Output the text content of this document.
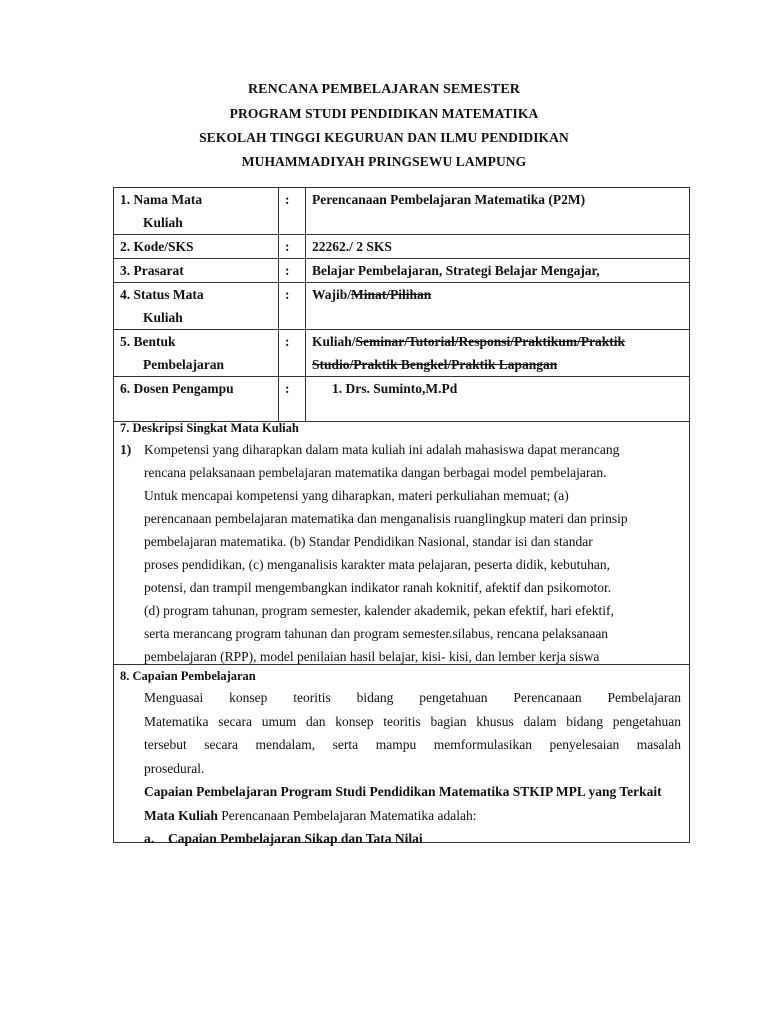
RENCANA PEMBELAJARAN SEMESTER
PROGRAM STUDI PENDIDIKAN MATEMATIKA
SEKOLAH TINGGI KEGURUAN DAN ILMU PENDIDIKAN
MUHAMMADIYAH PRINGSEWU LAMPUNG
1. Nama Mata
Kuliah	:	Perencanaan Pembelajaran Matematika (P2M)
2. Kode/SKS	:	22262./ 2 SKS
3. Prasarat	:	Belajar Pembelajaran, Strategi Belajar Mengajar,
4. Status Mata
Kuliah	:	Wajib/Minat/Pilihan
5. Bentuk
Pembelajaran	:	Kuliah/Seminar/Tutorial/Responsi/Praktikum/Praktik
Studio/Praktik Bengkel/Praktik Lapangan
6. Dosen Pengampu	:	1. Drs. Suminto,M.Pd
7. Deskripsi Singkat Mata Kuliah
1) Kompetensi yang diharapkan dalam mata kuliah ini adalah mahasiswa dapat merancang
rencana pelaksanaan pembelajaran matematika dangan berbagai model pembelajaran.
Untuk mencapai kompetensi yang diharapkan, materi perkuliahan memuat; (a)
perencanaan pembelajaran matematika dan menganalisis ruanglingkup materi dan prinsip
pembelajaran matematika. (b) Standar Pendidikan Nasional, standar isi dan standar
proses pendidikan, (c) menganalisis karakter mata pelajaran, peserta didik, kebutuhan,
potensi, dan trampil mengembangkan indikator ranah koknitif, afektif dan psikomotor.
(d) program tahunan, program semester, kalender akademik, pekan efektif, hari efektif,
serta merancang program tahunan dan program semester.silabus, rencana pelaksanaan
pembelajaran (RPP), model penilaian hasil belajar, kisi- kisi, dan lember kerja siswa
8. Capaian Pembelajaran
Menguasai konsep teoritis bidang pengetahuan Perencanaan Pembelajaran
Matematika secara umum dan konsep teoritis bagian khusus dalam bidang pengetahuan
tersebut secara mendalam, serta mampu memformulasikan penyelesaian masalah
prosedural.
Capaian Pembelajaran Program Studi Pendidikan Matematika STKIP MPL yang Terkait
Mata Kuliah Perencanaan Pembelajaran Matematika adalah:
a. Capaian Pembelajaran Sikap dan Tata Nilai
